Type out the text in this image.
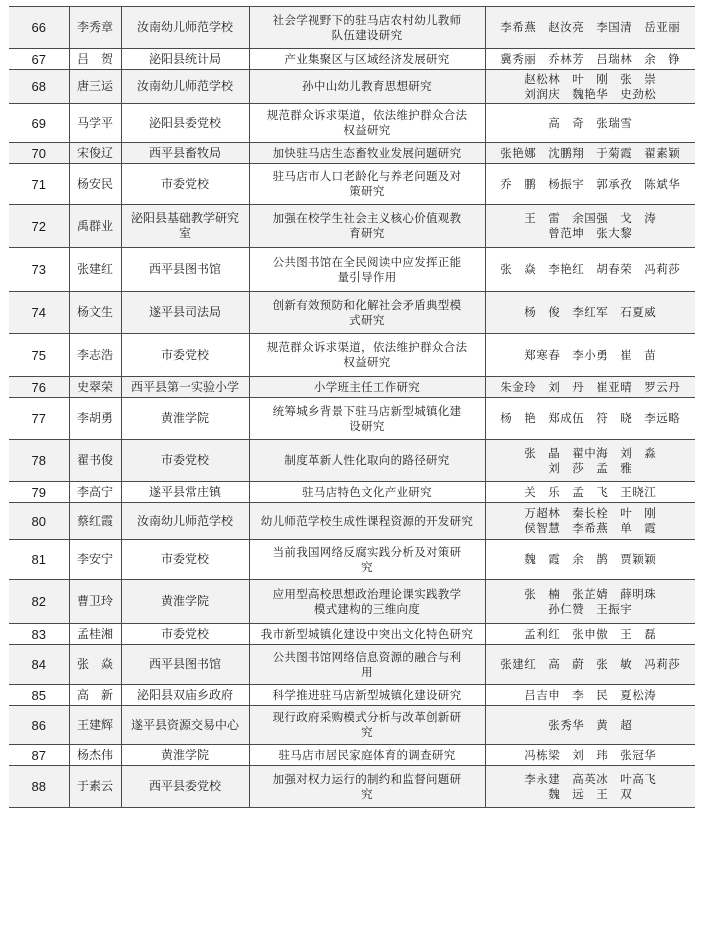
66	李秀章	汝南幼儿师范学校	社会学视野下的驻马店农村幼儿教师
队伍建设研究	李希燕　赵汝亮　李国清　岳亚丽

67	吕　贺	泌阳县统计局	产业集聚区与区域经济发展研究	冀秀丽　乔林芳　吕瑞林　余　铮

68	唐三运	汝南幼儿师范学校	孙中山幼儿教育思想研究	赵松林　叶　刚　张　崇
刘润庆　魏艳华　史劲松

69	马学平	泌阳县委党校	规范群众诉求渠道，依法维护群众合法
权益研究	高　奇　张瑞雪

70	宋俊辽	西平县畜牧局	加快驻马店生态畜牧业发展问题研究	张艳娜　沈鹏翔　于菊霞　翟素颖

71	杨安民	市委党校	驻马店市人口老龄化与养老问题及对
策研究	乔　鹏　杨振宇　郭承孜　陈斌华

72	禹群业	泌阳县基础教学研究室	加强在校学生社会主义核心价值观教
育研究	王　雷　余国强　戈　涛
曾范坤　张大黎

73	张建红	西平县图书馆	公共图书馆在全民阅读中应发挥正能
量引导作用	张　焱　李艳红　胡春荣　冯莉莎

74	杨文生	遂平县司法局	创新有效预防和化解社会矛盾典型模
式研究	杨　俊　李红军　石夏威

75	李志浩	市委党校	规范群众诉求渠道，依法维护群众合法
权益研究	郑寒春　李小勇　崔　苗

76	史翠荣	西平县第一实验小学	小学班主任工作研究	朱金玲　刘　丹　崔亚晴　罗云丹

77	李胡勇	黄淮学院	统筹城乡背景下驻马店新型城镇化建
设研究	杨　艳　郑成伍　符　晓　李远略

78	翟书俊	市委党校	制度革新人性化取向的路径研究	张　晶　翟中海　刘　淼
刘　莎　孟　雅

79	李高宁	遂平县常庄镇	驻马店特色文化产业研究	关　乐　孟　飞　王晓江

80	蔡红霞	汝南幼儿师范学校	幼儿师范学校生成性课程资源的开发研究	万超林　秦长栓　叶　刚
侯智慧　李希燕　单　霞

81	李安宁	市委党校	当前我国网络反腐实践分析及对策研
究	魏　霞　余　鹊　贾颖颖

82	曹卫玲	黄淮学院	应用型高校思想政治理论课实践教学
模式建构的三维向度	张　楠　张芷婧　薛明珠
孙仁赞　王振宇

83	孟桂湘	市委党校	我市新型城镇化建设中突出文化特色研究	孟利红　张申傲　王　磊

84	张　焱	西平县图书馆	公共图书馆网络信息资源的融合与利
用	张建红　高　蔚　张　敏　冯莉莎

85	高　新	泌阳县双庙乡政府	科学推进驻马店新型城镇化建设研究	吕吉申　李　民　夏松涛

86	王建辉	遂平县资源交易中心	现行政府采购模式分析与改革创新研
究	张秀华　黄　超

87	杨杰伟	黄淮学院	驻马店市居民家庭体育的调查研究	冯栋梁　刘　玮　张冠华

88	于素云	西平县委党校	加强对权力运行的制约和监督问题研
究	李永建　高英冰　叶高飞
魏　远　王　双
